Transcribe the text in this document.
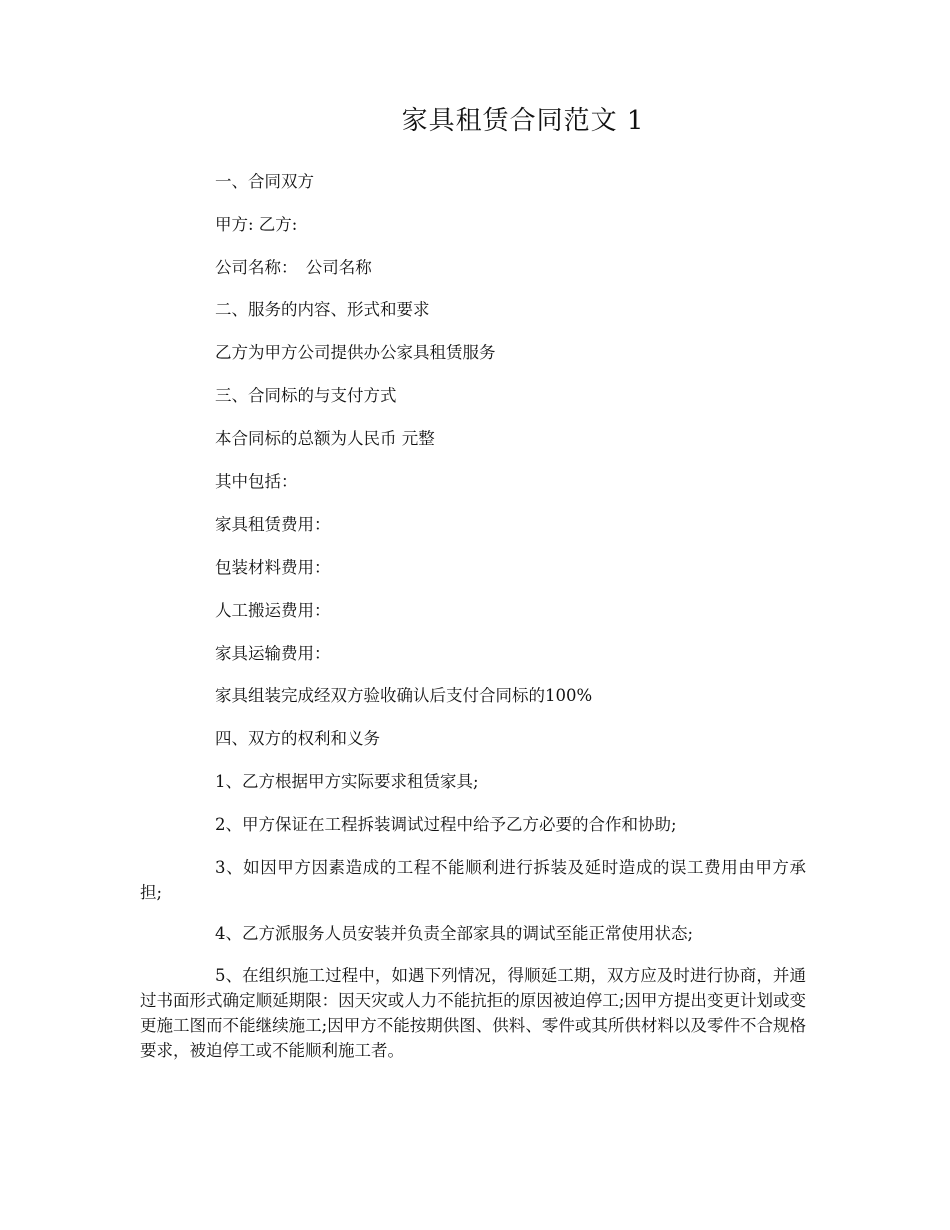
家具租赁合同范文 1
一、合同双方
甲方: 乙方:
公司名称：　公司名称
二、服务的内容、形式和要求
乙方为甲方公司提供办公家具租赁服务
三、合同标的与支付方式
本合同标的总额为人民币 元整
其中包括：
家具租赁费用：
包装材料费用：
人工搬运费用：
家具运输费用：
家具组装完成经双方验收确认后支付合同标的100%
四、双方的权利和义务
1、乙方根据甲方实际要求租赁家具;
2、甲方保证在工程拆装调试过程中给予乙方必要的合作和协助;
3、如因甲方因素造成的工程不能顺利进行拆装及延时造成的误工费用由甲方承担;
4、乙方派服务人员安装并负责全部家具的调试至能正常使用状态;
5、在组织施工过程中，如遇下列情况，得顺延工期，双方应及时进行协商，并通过书面形式确定顺延期限：因天灾或人力不能抗拒的原因被迫停工;因甲方提出变更计划或变更施工图而不能继续施工;因甲方不能按期供图、供料、零件或其所供材料以及零件不合规格要求，被迫停工或不能顺利施工者。
